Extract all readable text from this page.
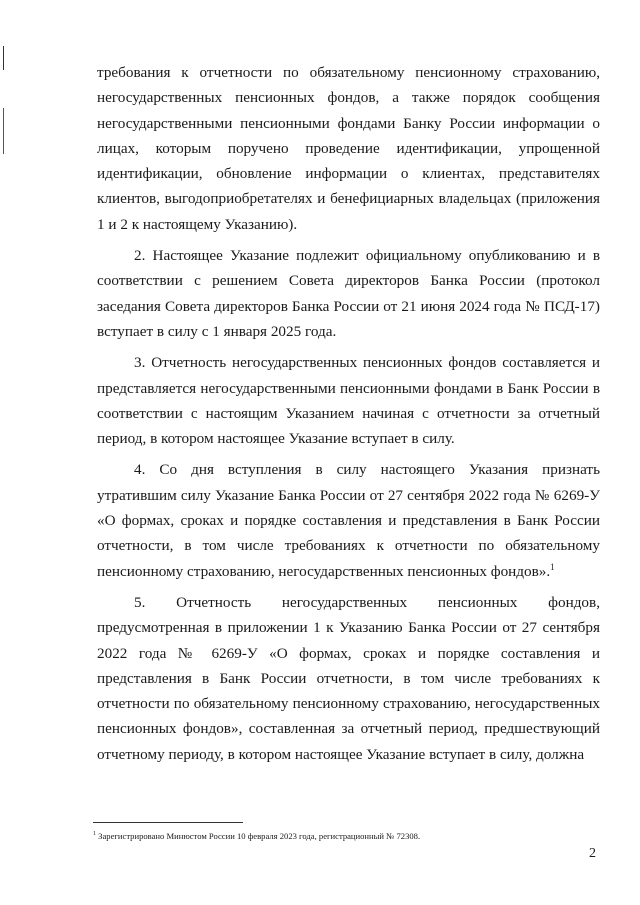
требования к отчетности по обязательному пенсионному страхованию, негосударственных пенсионных фондов, а также порядок сообщения негосударственными пенсионными фондами Банку России информации о лицах, которым поручено проведение идентификации, упрощенной идентификации, обновление информации о клиентах, представителях клиентов, выгодоприобретателях и бенефициарных владельцах (приложения 1 и 2 к настоящему Указанию).

2. Настоящее Указание подлежит официальному опубликованию и в соответствии с решением Совета директоров Банка России (протокол заседания Совета директоров Банка России от 21 июня 2024 года № ПСД-17) вступает в силу с 1 января 2025 года.

3. Отчетность негосударственных пенсионных фондов составляется и представляется негосударственными пенсионными фондами в Банк России в соответствии с настоящим Указанием начиная с отчетности за отчетный период, в котором настоящее Указание вступает в силу.

4. Со дня вступления в силу настоящего Указания признать утратившим силу Указание Банка России от 27 сентября 2022 года № 6269-У «О формах, сроках и порядке составления и представления в Банк России отчетности, в том числе требованиях к отчетности по обязательному пенсионному страхованию, негосударственных пенсионных фондов».$^1$

5. Отчетность негосударственных пенсионных фондов, предусмотренная в приложении 1 к Указанию Банка России от 27 сентября 2022 года № 6269-У «О формах, сроках и порядке составления и представления в Банк России отчетности, в том числе требованиях к отчетности по обязательному пенсионному страхованию, негосударственных пенсионных фондов», составленная за отчетный период, предшествующий отчетному периоду, в котором настоящее Указание вступает в силу, должна

$^1$ Зарегистрировано Минюстом России 10 февраля 2023 года, регистрационный № 72308.
2
